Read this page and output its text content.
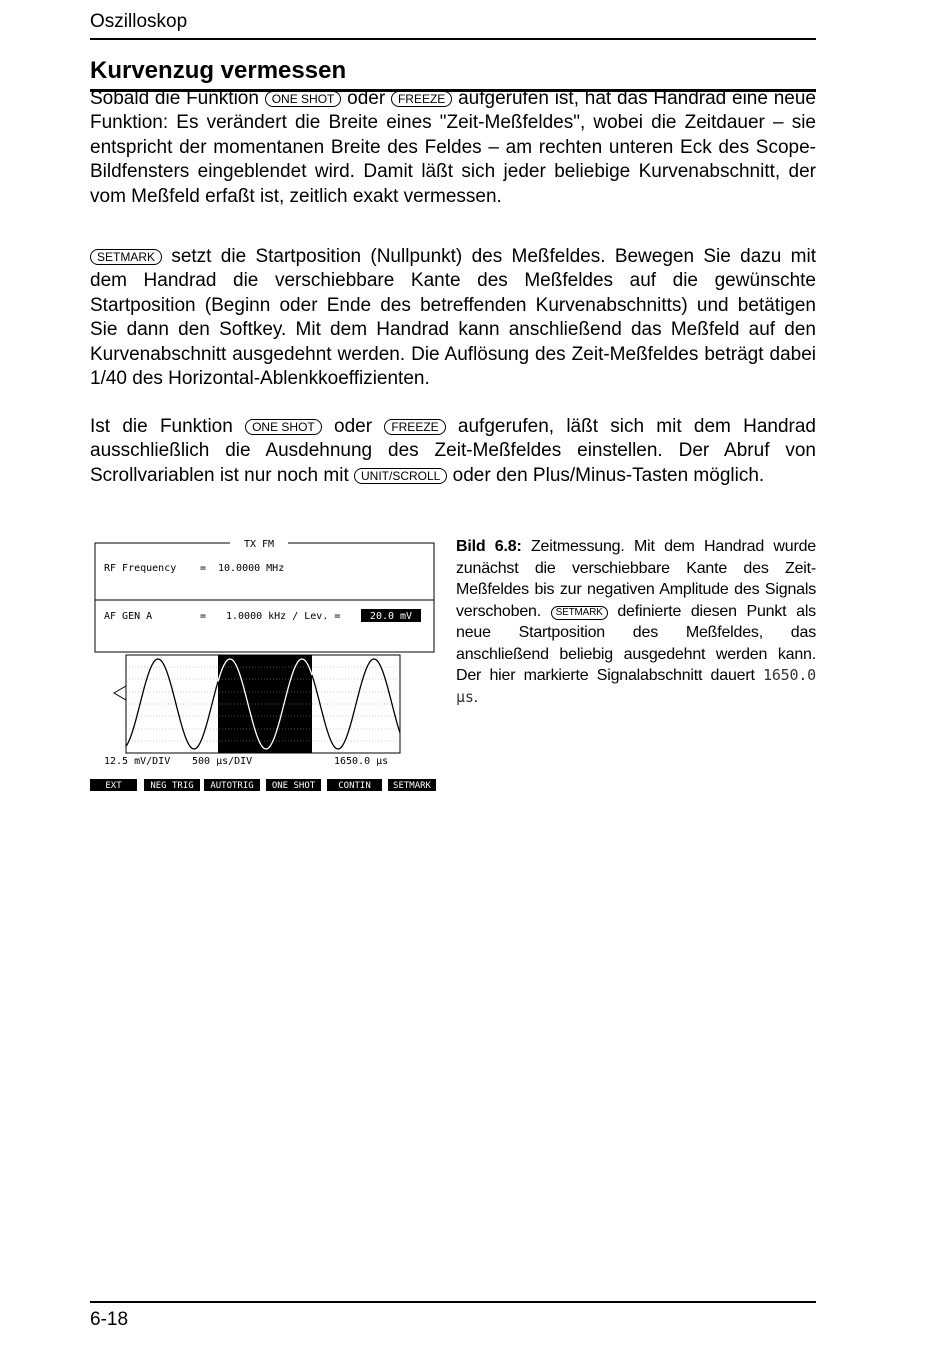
Oszilloskop
Kurvenzug vermessen

Sobald die Funktion ONE SHOT oder FREEZE aufgerufen ist, hat das Handrad eine neue Funktion: Es verändert die Breite eines "Zeit-Meßfeldes", wobei die Zeitdauer – sie entspricht der momentanen Breite des Feldes – am rechten unteren Eck des Scope-Bildfensters eingeblendet wird. Damit läßt sich jeder beliebige Kurvenabschnitt, der vom Meßfeld erfaßt ist, zeitlich exakt vermessen.

SETMARK setzt die Startposition (Nullpunkt) des Meßfeldes. Bewegen Sie dazu mit dem Handrad die verschiebbare Kante des Meßfeldes auf die gewünschte Startposition (Beginn oder Ende des betreffenden Kurvenabschnitts) und betätigen Sie dann den Softkey. Mit dem Handrad kann anschließend das Meßfeld auf den Kurvenabschnitt ausgedehnt werden. Die Auflösung des Zeit-Meßfeldes beträgt dabei 1/40 des Horizontal-Ablenkkoeffizienten.

Ist die Funktion ONE SHOT oder FREEZE aufgerufen, läßt sich mit dem Handrad ausschließlich die Ausdehnung des Zeit-Meßfeldes einstellen. Der Abruf von Scrollvariablen ist nur noch mit UNIT/SCROLL oder den Plus/Minus-Tasten möglich.

TX FM
RF Frequency = 10.0000 MHz
AF GEN A	= 1.0000 kHz / Lev. =	20.0 mV
12.5 mV/DIV 500 µs/DIV	1650.0 µs
EXT	NEG TRIG AUTOTRIG ONE SHOT	CONTIN SETMARK

Bild 6.8: Zeitmessung. Mit dem Handrad wurde zunächst die verschiebbare Kante des Zeit-Meßfeldes bis zur negativen Amplitude des Signals verschoben. SETMARK definierte diesen Punkt als neue Startposition des Meßfeldes, das anschließend beliebig ausgedehnt werden kann. Der hier markierte Signalabschnitt dauert 1650.0 µs.

6-18
